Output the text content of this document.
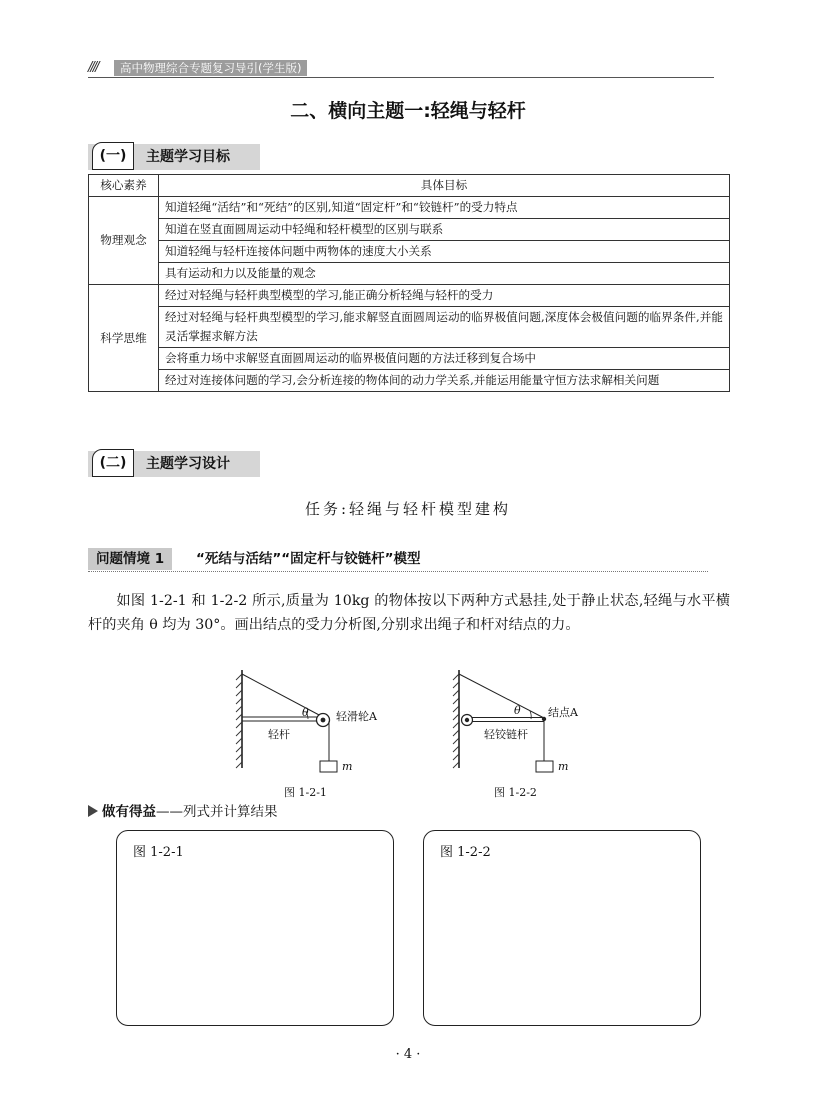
////	高中物理综合专题复习导引(学生版)
二、横向主题一:轻绳与轻杆
(一)	主题学习目标
核心素养	具体目标
物理观念	知道轻绳“活结”和“死结”的区别,知道“固定杆”和“铰链杆”的受力特点
	知道在竖直面圆周运动中轻绳和轻杆模型的区别与联系
	知道轻绳与轻杆连接体问题中两物体的速度大小关系
	具有运动和力以及能量的观念
科学思维	经过对轻绳与轻杆典型模型的学习,能正确分析轻绳与轻杆的受力
	经过对轻绳与轻杆典型模型的学习,能求解竖直面圆周运动的临界极值问题,深度体会极值问题的临界条件,并能灵活掌握求解方法
	会将重力场中求解竖直面圆周运动的临界极值问题的方法迁移到复合场中
	经过对连接体问题的学习,会分析连接的物体间的动力学关系,并能运用能量守恒方法求解相关问题
(二)	主题学习设计
任务:轻绳与轻杆模型建构
问题情境 1	“死结与活结”“固定杆与铰链杆”模型

如图 1-2-1 和 1-2-2 所示,质量为 10kg 的物体按以下两种方式悬挂,处于静止状态,轻绳与水平横杆的夹角 θ 均为 30°。画出结点的受力分析图,分别求出绳子和杆对结点的力。

θ 轻滑轮A
轻杆
m
图 1-2-1
θ 结点A
轻铰链杆
m
图 1-2-2
做有得益——列式并计算结果
图 1-2-1	图 1-2-2
· 4 ·
